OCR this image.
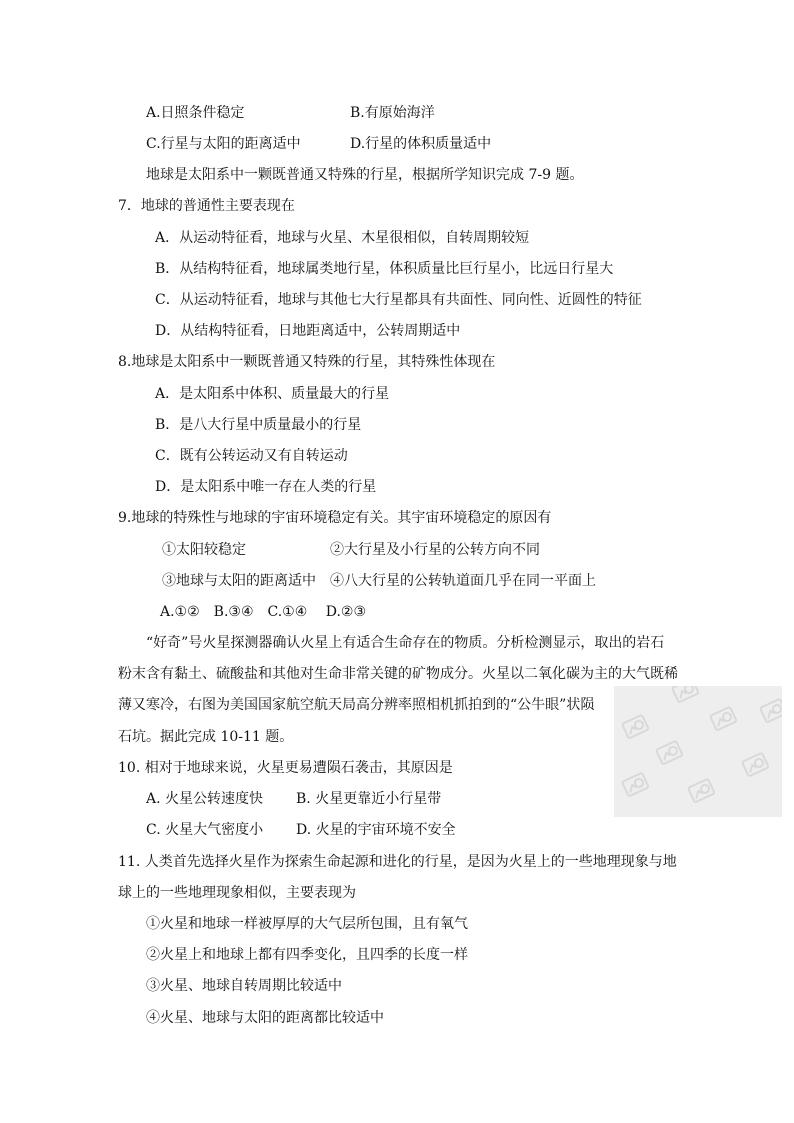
A.日照条件稳定	B.有原始海洋
C.行星与太阳的距离适中	D.行星的体积质量适中
地球是太阳系中一颗既普通又特殊的行星，根据所学知识完成 7-9 题。
7．地球的普通性主要表现在
A．从运动特征看，地球与火星、木星很相似，自转周期较短
B．从结构特征看，地球属类地行星，体积质量比巨行星小，比远日行星大
C．从运动特征看，地球与其他七大行星都具有共面性、同向性、近圆性的特征
D．从结构特征看，日地距离适中，公转周期适中
8.地球是太阳系中一颗既普通又特殊的行星，其特殊性体现在
A．是太阳系中体积、质量最大的行星
B．是八大行星中质量最小的行星
C．既有公转运动又有自转运动
D．是太阳系中唯一存在人类的行星
9.地球的特殊性与地球的宇宙环境稳定有关。其宇宙环境稳定的原因有
①太阳较稳定	②大行星及小行星的公转方向不同
③地球与太阳的距离适中 ④八大行星的公转轨道面几乎在同一平面上
A.①②　B.③④　C.①④　 D.②③
“好奇”号火星探测器确认火星上有适合生命存在的物质。分析检测显示，取出的岩石
粉末含有黏土、硫酸盐和其他对生命非常关键的矿物成分。火星以二氧化碳为主的大气既稀
薄又寒冷，右图为美国国家航空航天局高分辨率照相机抓拍到的“公牛眼”状陨
石坑。据此完成 10-11 题。
10. 相对于地球来说，火星更易遭陨石袭击，其原因是
A. 火星公转速度快 B. 火星更靠近小行星带
C. 火星大气密度小 D. 火星的宇宙环境不安全
11. 人类首先选择火星作为探索生命起源和进化的行星，是因为火星上的一些地理现象与地
球上的一些地理现象相似，主要表现为
①火星和地球一样被厚厚的大气层所包围，且有氧气
②火星上和地球上都有四季变化，且四季的长度一样
③火星、地球自转周期比较适中
④火星、地球与太阳的距离都比较适中
